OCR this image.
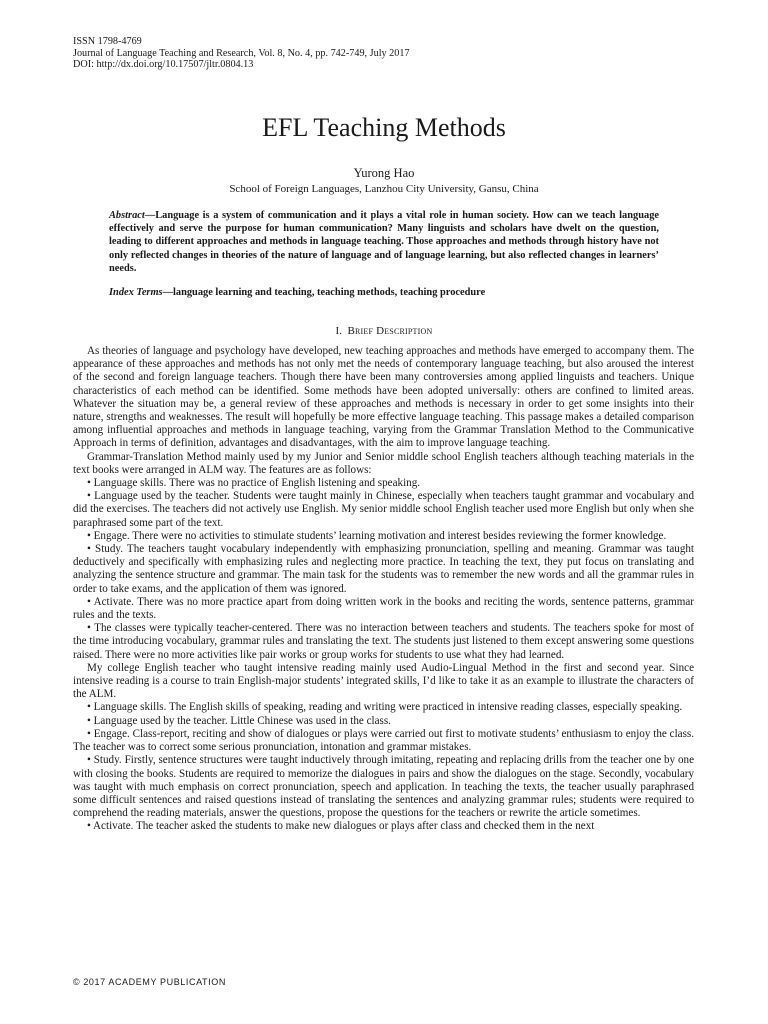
ISSN 1798-4769
Journal of Language Teaching and Research, Vol. 8, No. 4, pp. 742-749, July 2017
DOI: http://dx.doi.org/10.17507/jltr.0804.13
EFL Teaching Methods
Yurong Hao
School of Foreign Languages, Lanzhou City University, Gansu, China
Abstract—Language is a system of communication and it plays a vital role in human society. How can we teach language effectively and serve the purpose for human communication? Many linguists and scholars have dwelt on the question, leading to different approaches and methods in language teaching. Those approaches and methods through history have not only reflected changes in theories of the nature of language and of language learning, but also reflected changes in learners’ needs.
Index Terms—language learning and teaching, teaching methods, teaching procedure
I. Brief Description

As theories of language and psychology have developed, new teaching approaches and methods have emerged to accompany them. The appearance of these approaches and methods has not only met the needs of contemporary language teaching, but also aroused the interest of the second and foreign language teachers. Though there have been many controversies among applied linguists and teachers. Unique characteristics of each method can be identified. Some methods have been adopted universally: others are confined to limited areas. Whatever the situation may be, a general review of these approaches and methods is necessary in order to get some insights into their nature, strengths and weaknesses. The result will hopefully be more effective language teaching. This passage makes a detailed comparison among influential approaches and methods in language teaching, varying from the Grammar Translation Method to the Communicative Approach in terms of definition, advantages and disadvantages, with the aim to improve language teaching.

Grammar-Translation Method mainly used by my Junior and Senior middle school English teachers although teaching materials in the text books were arranged in ALM way. The features are as follows:

• Language skills. There was no practice of English listening and speaking.

• Language used by the teacher. Students were taught mainly in Chinese, especially when teachers taught grammar and vocabulary and did the exercises. The teachers did not actively use English. My senior middle school English teacher used more English but only when she paraphrased some part of the text.

• Engage. There were no activities to stimulate students’ learning motivation and interest besides reviewing the former knowledge.

• Study. The teachers taught vocabulary independently with emphasizing pronunciation, spelling and meaning. Grammar was taught deductively and specifically with emphasizing rules and neglecting more practice. In teaching the text, they put focus on translating and analyzing the sentence structure and grammar. The main task for the students was to remember the new words and all the grammar rules in order to take exams, and the application of them was ignored.

• Activate. There was no more practice apart from doing written work in the books and reciting the words, sentence patterns, grammar rules and the texts.

• The classes were typically teacher-centered. There was no interaction between teachers and students. The teachers spoke for most of the time introducing vocabulary, grammar rules and translating the text. The students just listened to them except answering some questions raised. There were no more activities like pair works or group works for students to use what they had learned.

My college English teacher who taught intensive reading mainly used Audio-Lingual Method in the first and second year. Since intensive reading is a course to train English-major students’ integrated skills, I’d like to take it as an example to illustrate the characters of the ALM.

• Language skills. The English skills of speaking, reading and writing were practiced in intensive reading classes, especially speaking.

• Language used by the teacher. Little Chinese was used in the class.

• Engage. Class-report, reciting and show of dialogues or plays were carried out first to motivate students’ enthusiasm to enjoy the class. The teacher was to correct some serious pronunciation, intonation and grammar mistakes.

• Study. Firstly, sentence structures were taught inductively through imitating, repeating and replacing drills from the teacher one by one with closing the books. Students are required to memorize the dialogues in pairs and show the dialogues on the stage. Secondly, vocabulary was taught with much emphasis on correct pronunciation, speech and application. In teaching the texts, the teacher usually paraphrased some difficult sentences and raised questions instead of translating the sentences and analyzing grammar rules; students were required to comprehend the reading materials, answer the questions, propose the questions for the teachers or rewrite the article sometimes.

• Activate. The teacher asked the students to make new dialogues or plays after class and checked them in the next

© 2017 ACADEMY PUBLICATION
